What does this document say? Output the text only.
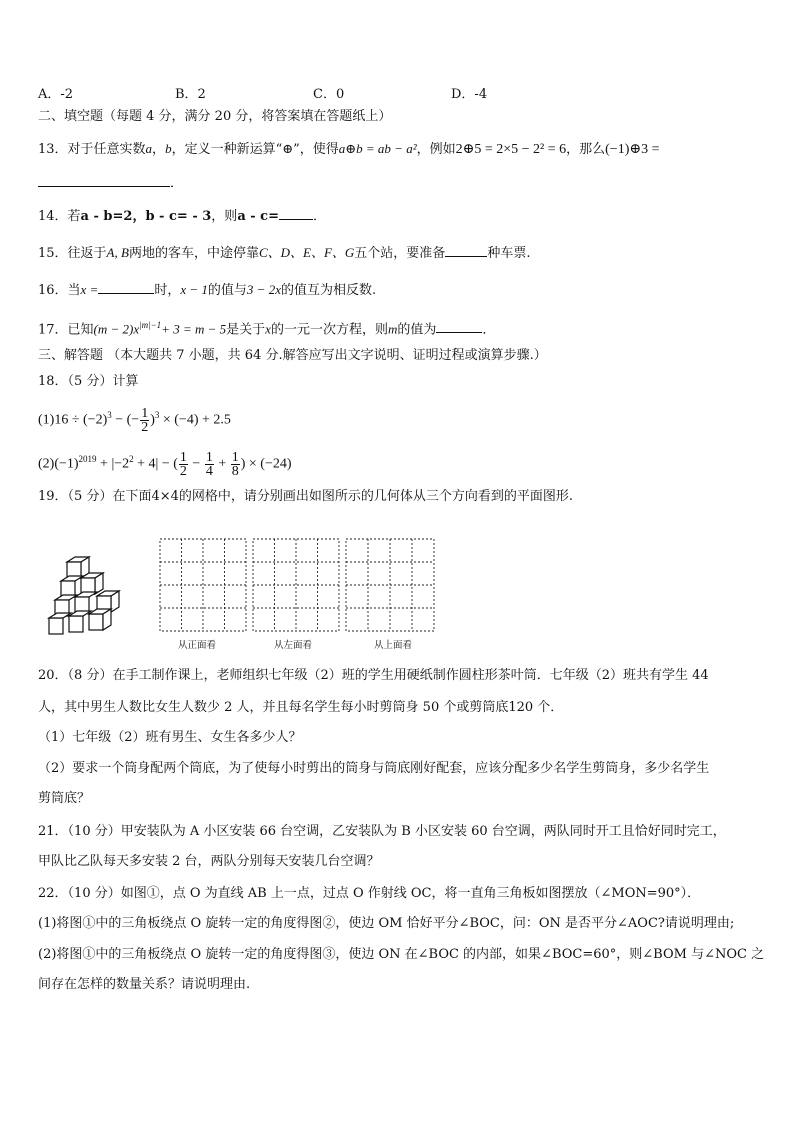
A．-2	B．2	C．0	D．-4
二、填空题（每题 4 分，满分 20 分，将答案填在答题纸上）
13．对于任意实数a，b，定义一种新运算“⊕”，使得a⊕b = ab − a²，例如2⊕5 = 2×5 − 2² = 6，那么(−1)⊕3 =
．
14．若a - b=2，b - c= - 3，则a - c=	．
15．往返于A, B两地的客车，中途停靠C、D、E、F、G五个站，要准备	种车票.
16．当x =	时，x − 1的值与3 − 2x的值互为相反数.
17．已知$(m - 2)x^{|m|-1}+ 3 = m - 5$是关于x的一元一次方程，则m的值为	．
三、解答题 （本大题共 7 小题，共 64 分.解答应写出文字说明、证明过程或演算步骤.）
18．（5 分）计算
$(1)16 \div (-2)^3$ − (− $\frac{1}{2} )^3 \times (-4) + 2.5$
$(2)(-1)^{2019} + |-2^2 + 4|$ − ( $\frac{1}{2} - \frac{1}{4} + \frac{1}{8}$ ) × (−24)
19．（5 分）在下面4×4的网格中，请分别画出如图所示的几何体从三个方向看到的平面图形.
从正面看	从左面看	从上面看
20．（8 分）在手工制作课上，老师组织七年级（2）班的学生用硬纸制作圆柱形茶叶筒．七年级（2）班共有学生 44
人，其中男生人数比女生人数少 2 人，并且每名学生每小时剪筒身 50 个或剪筒底120 个．
（1）七年级（2）班有男生、女生各多少人？
（2）要求一个筒身配两个筒底，为了使每小时剪出的筒身与筒底刚好配套，应该分配多少名学生剪筒身，多少名学生
剪筒底？
21．（10 分）甲安装队为 A 小区安装 66 台空调，乙安装队为 B 小区安装 60 台空调，两队同时开工且恰好同时完工，
甲队比乙队每天多安装 2 台，两队分别每天安装几台空调？
22．（10 分）如图①，点 O 为直线 AB 上一点，过点 O 作射线 OC，将一直角三角板如图摆放（∠MON=90°）．
(1)将图①中的三角板绕点 O 旋转一定的角度得图②，使边 OM 恰好平分∠BOC，问：ON 是否平分∠AOC?请说明理由;
(2)将图①中的三角板绕点 O 旋转一定的角度得图③，使边 ON 在∠BOC 的内部，如果∠BOC=60°，则∠BOM 与∠NOC 之
间存在怎样的数量关系？请说明理由.
